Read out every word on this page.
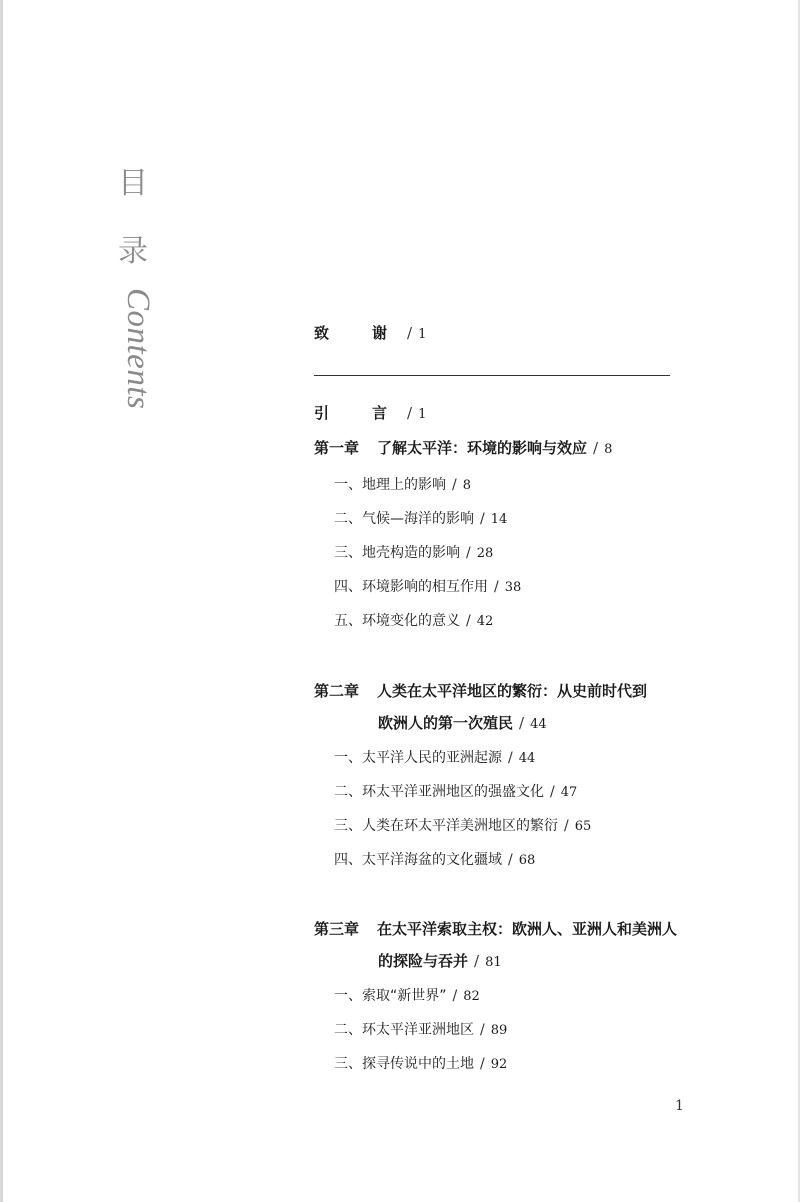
目
录
Contents	致　谢 / 1
引　言 / 1
第一章 了解太平洋：环境的影响与效应 / 8
一、地理上的影响 / 8
二、气候—海洋的影响 / 14
三、地壳构造的影响 / 28
四、环境影响的相互作用 / 38
五、环境变化的意义 / 42
第二章 人类在太平洋地区的繁衍：从史前时代到
欧洲人的第一次殖民 / 44
一、太平洋人民的亚洲起源 / 44
二、环太平洋亚洲地区的强盛文化 / 47
三、人类在环太平洋美洲地区的繁衍 / 65
四、太平洋海盆的文化疆域 / 68
第三章 在太平洋索取主权：欧洲人、亚洲人和美洲人
的探险与吞并 / 81
一、索取“新世界” / 82
二、环太平洋亚洲地区 / 89
三、探寻传说中的土地 / 92
1
